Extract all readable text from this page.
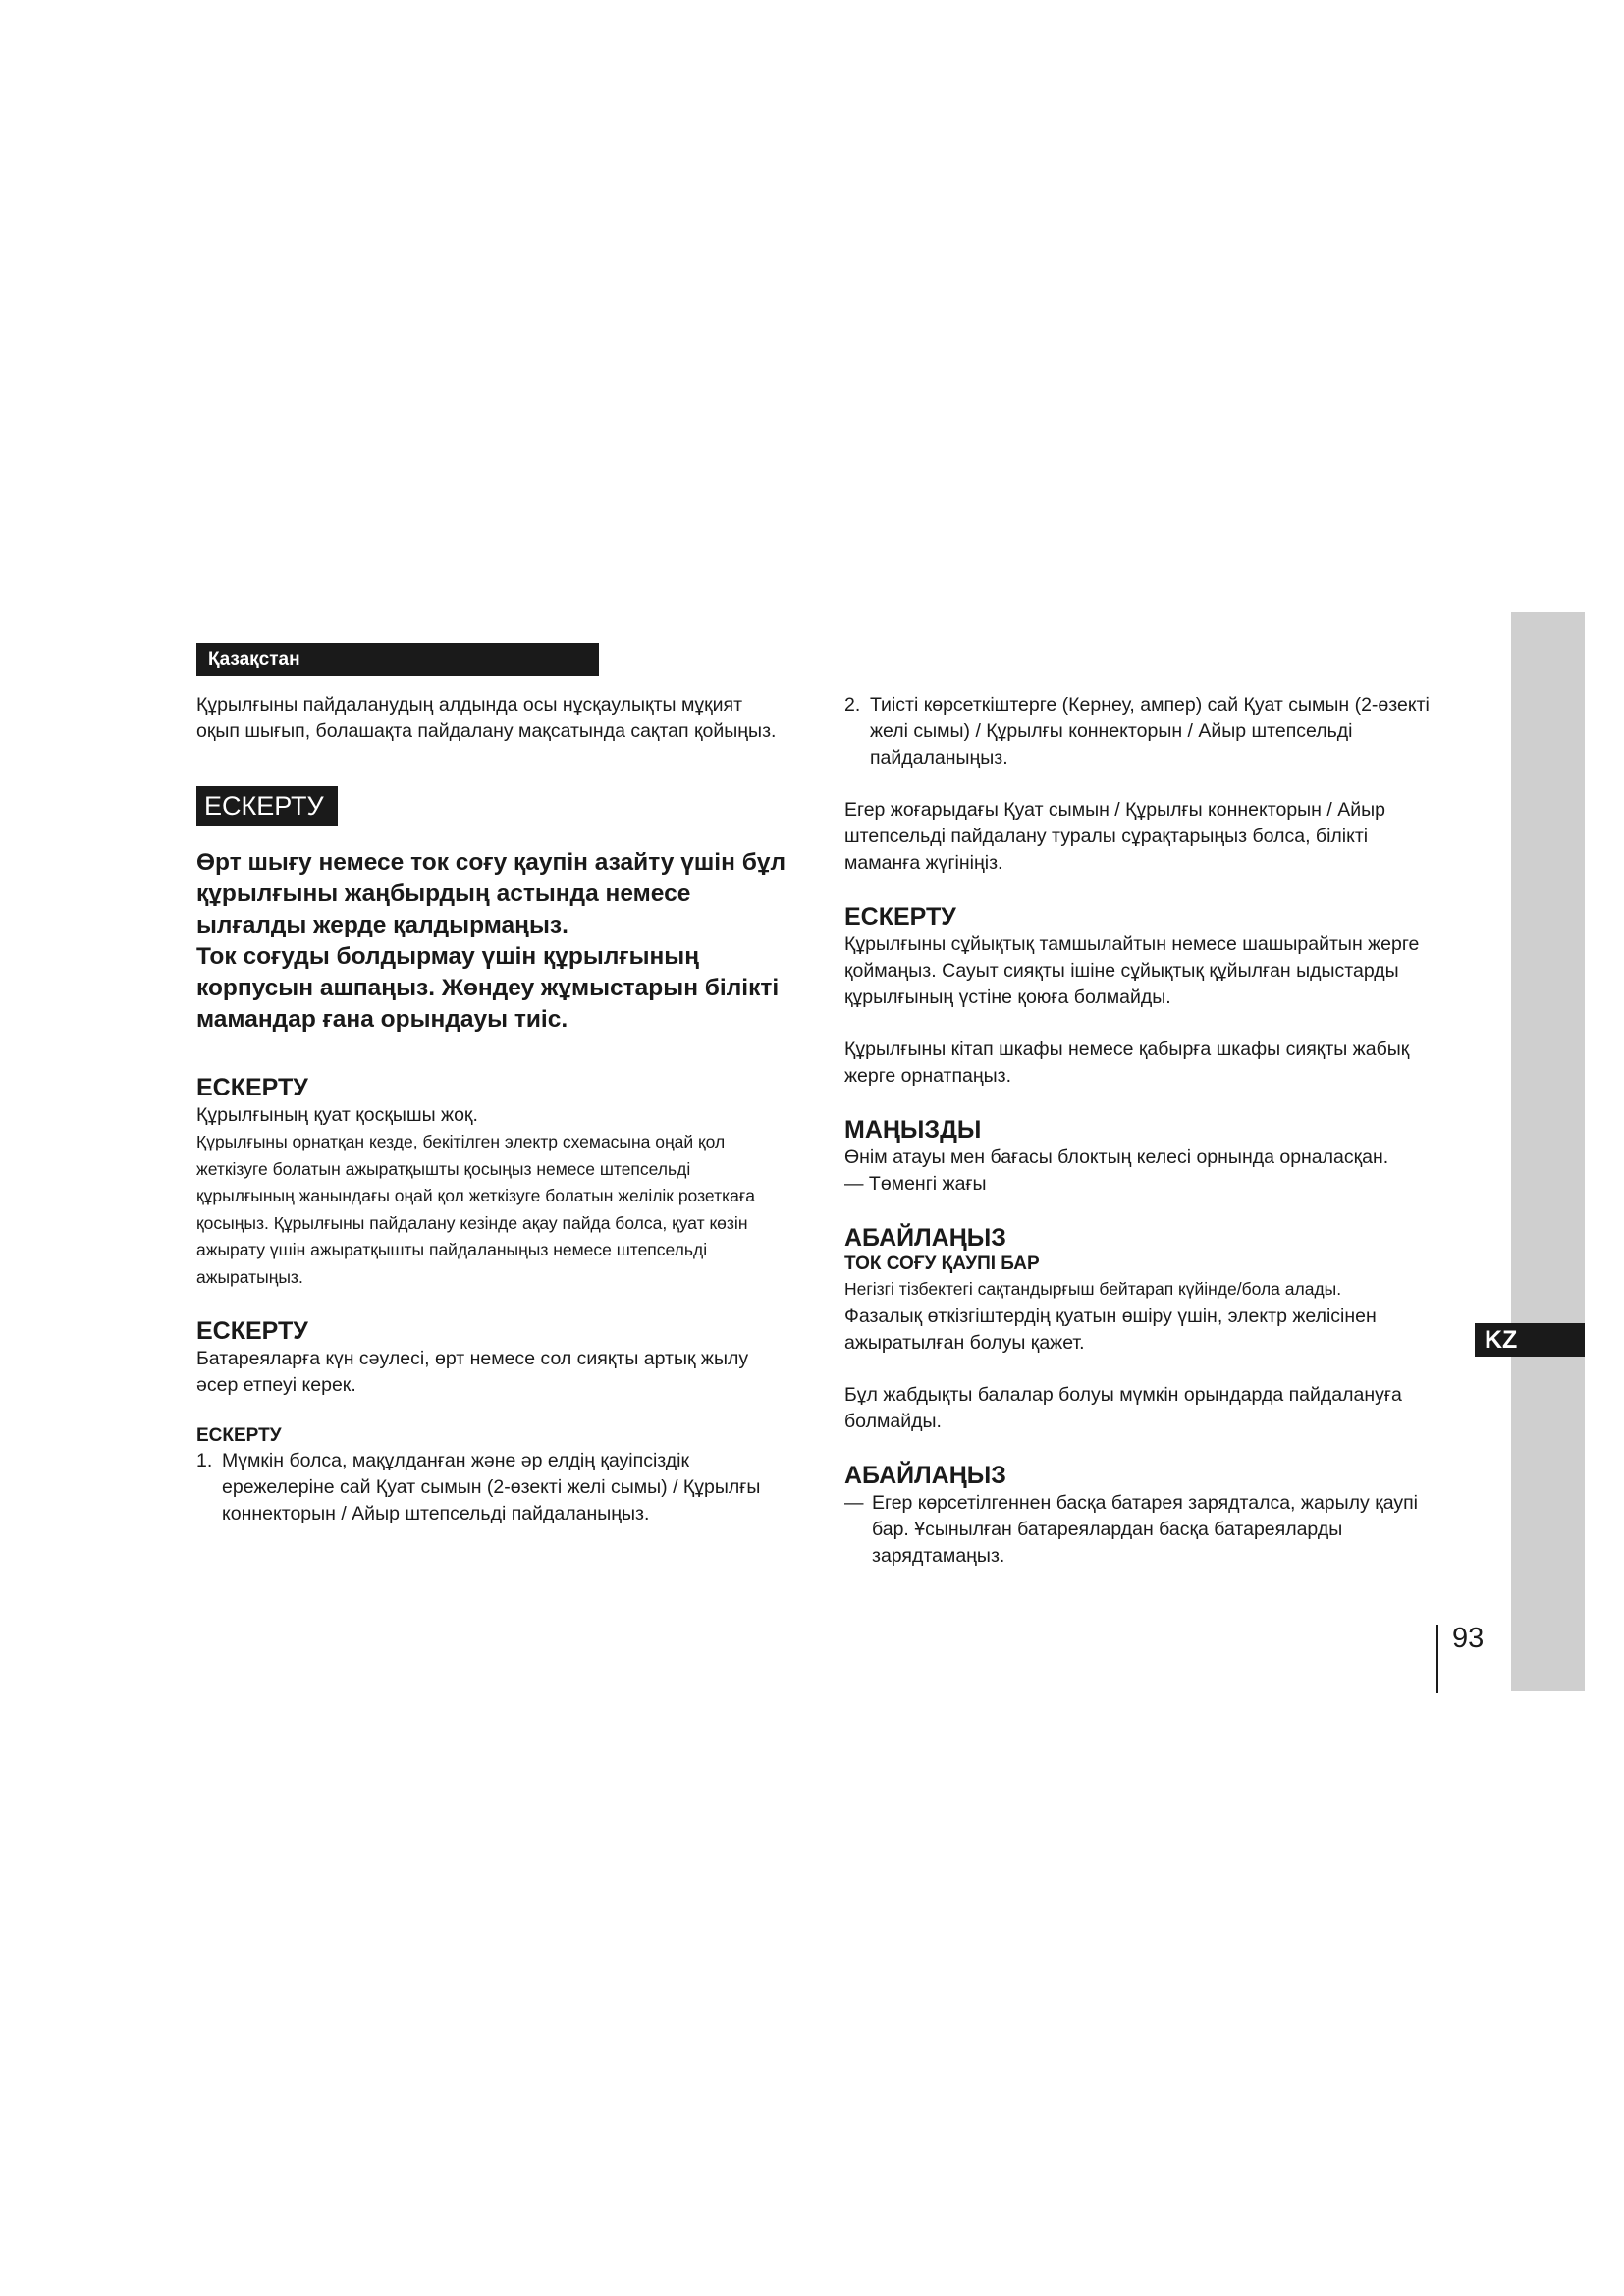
KZ
93
Қазақстан

Құрылғыны пайдаланудың алдында осы нұсқаулықты мұқият оқып шығып, болашақта пайдалану мақсатында сақтап қойыңыз.

ЕСКЕРТУ

Өрт шығу немесе ток соғу қаупін азайту үшін бұл құрылғыны жаңбырдың астында немесе ылғалды жерде қалдырмаңыз.

Ток соғуды болдырмау үшін құрылғының корпусын ашпаңыз. Жөндеу жұмыстарын білікті мамандар ғана орындауы тиіс.

ЕСКЕРТУ

Құрылғының қуат қосқышы жоқ.

Құрылғыны орнатқан кезде, бекітілген электр схемасына оңай қол жеткізуге болатын ажыратқышты қосыңыз немесе штепсельді құрылғының жанындағы оңай қол жеткізуге болатын желілік розеткаға қосыңыз. Құрылғыны пайдалану кезінде ақау пайда болса, қуат көзін ажырату үшін ажыратқышты пайдаланыңыз немесе штепсельді ажыратыңыз.

ЕСКЕРТУ

Батареяларға күн сәулесі, өрт немесе сол сияқты артық жылу әсер етпеуі керек.

ЕСКЕРТУ

1. Мүмкін болса, мақұлданған және әр елдің қауіпсіздік ережелеріне сай Қуат сымын (2-өзекті желі сымы) / Құрылғы коннекторын / Айыр штепсельді пайдаланыңыз.
2. Тиісті көрсеткіштерге (Кернеу, ампер) сай Қуат сымын (2-өзекті желі сымы) / Құрылғы коннекторын / Айыр штепсельді пайдаланыңыз.

Егер жоғарыдағы Қуат сымын / Құрылғы коннекторын / Айыр штепсельді пайдалану туралы сұрақтарыңыз болса, білікті маманға жүгініңіз.

ЕСКЕРТУ

Құрылғыны сұйықтық тамшылайтын немесе шашырайтын жерге қоймаңыз. Сауыт сияқты ішіне сұйықтық құйылған ыдыстарды құрылғының үстіне қоюға болмайды.

Құрылғыны кітап шкафы немесе қабырға шкафы сияқты жабық жерге орнатпаңыз.

МАҢЫЗДЫ

Өнім атауы мен бағасы блоктың келесі орнында орналасқан.

— Төменгі жағы

АБАЙЛАҢЫЗ

ТОК СОҒУ ҚАУПІ БАР

Негізгі тізбектегі сақтандырғыш бейтарап күйінде/бола алады.

Фазалық өткізгіштердің қуатын өшіру үшін, электр желісінен ажыратылған болуы қажет.

Бұл жабдықты балалар болуы мүмкін орындарда пайдалануға болмайды.

АБАЙЛАҢЫЗ

— Егер көрсетілгеннен басқа батарея зарядталса, жарылу қаупі бар. Ұсынылған батареялардан басқа батареяларды зарядтамаңыз.
